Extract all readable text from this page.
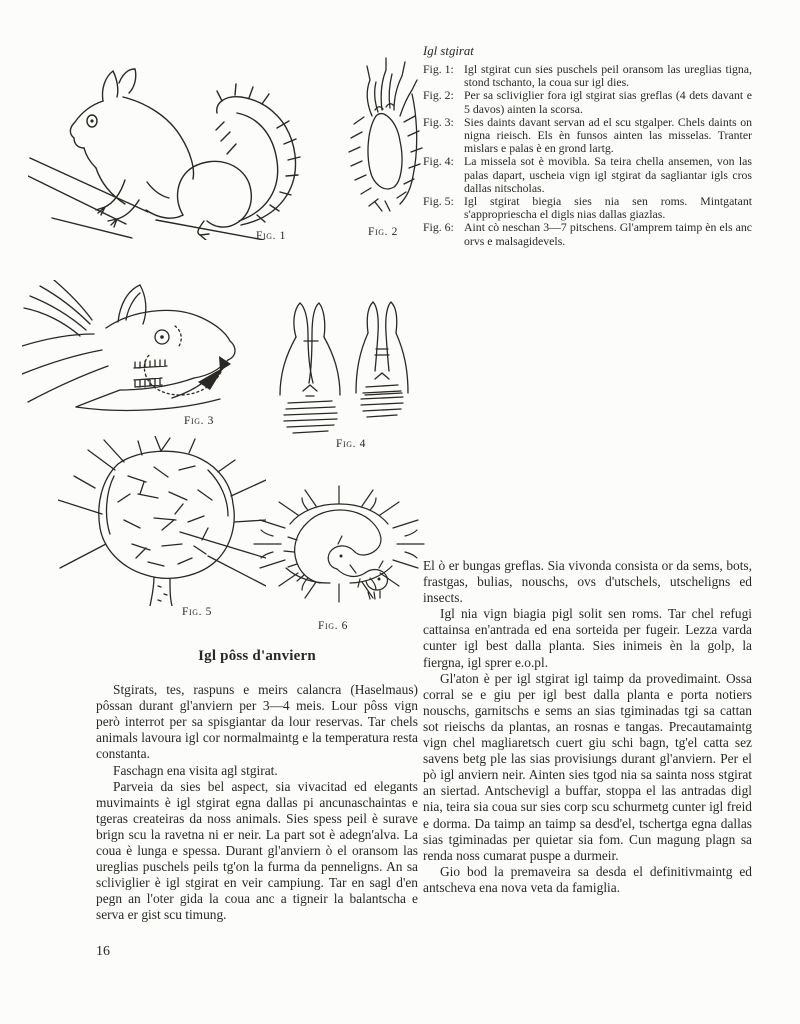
Fig. 1	Fig. 2

Igl stgirat

Fig. 1: Igl stgirat cun sies puschels peil oransom las ureglias tigna, stond tschanto, la coua sur igl dies.
Fig. 2: Per sa scliviglier fora igl stgirat sias greflas (4 dets davant e 5 davos) ainten la scorsa.
Fig. 3: Sies daints davant servan ad el scu stgalper. Chels daints on nigna rieisch. Els èn funsos ainten las misselas. Tranter mislars e palas è en grond lartg.
Fig. 4: La missela sot è movibla. Sa teira chella ansemen, von las palas dapart, uscheia vign igl stgirat da sagliantar igls cros dallas nitscholas.
Fig. 5: Igl stgirat biegia sies nia sen roms. Mintgatant s'appropriescha el digls nias dallas giazlas.
Fig. 6: Aint cò neschan 3—7 pitschens. Gl'amprem taimp èn els anc orvs e malsagidevels.
Fig. 3
Fig. 4
Fig. 5
Fig. 6
Igl pôss d'anviern

Stgirats, tes, raspuns e meirs calancra (Haselmaus) pôssan durant gl'anviern per 3—4 meis. Lour pôss vign però interrot per sa spisgiantar da lour reservas. Tar chels animals lavoura igl cor normalmaintg e la temperatura resta constanta.

Faschagn ena visita agl stgirat.

Parveia da sies bel aspect, sia vivacitad ed elegants muvimaints è igl stgirat egna dallas pi ancunaschaintas e tgeras createiras da noss animals. Sies spess peil è surave brign scu la ravetna ni er neir. La part sot è adegn'alva. La coua è lunga e spessa. Durant gl'anviern ò el oransom las ureglias puschels peils tg'on la furma da penneligns. An sa scliviglier è igl stgirat en veir campiung. Tar en sagl d'en pegn an l'oter gida la coua anc a tigneir la balantscha e serva er gist scu timung.

El ò er bungas greflas. Sia vivonda consista or da sems, bots, frastgas, bulias, nouschs, ovs d'utschels, utscheligns ed insects.

Igl nia vign biagia pigl solit sen roms. Tar chel refugi cattainsa en'antrada ed ena sorteida per fugeir. Lezza varda cunter igl best dalla planta. Sies inimeis èn la golp, la fiergna, igl sprer e.o.pl.

Gl'aton è per igl stgirat igl taimp da provedimaint. Ossa corral se e giu per igl best dalla planta e porta notiers nouschs, garnitschs e sems an sias tgiminadas tgi sa cattan sot rieischs da plantas, an rosnas e tangas. Precautamaintg vign chel magliaretsch cuert giu schi bagn, tg'el catta sez savens betg ple las sias provisiungs durant gl'anviern. Per el pò igl anviern neir. Ainten sies tgod nia sa sainta noss stgirat an siertad. Antschevigl a buffar, stoppa el las antradas digl nia, teira sia coua sur sies corp scu schurmetg cunter igl freid e dorma. Da taimp an taimp sa desd'el, tschertga egna dallas sias tgiminadas per quietar sia fom. Cun magung plagn sa renda noss cumarat puspe a durmeir.

Gio bod la premaveira sa desda el definitivmaintg ed antscheva ena nova veta da famiglia.

16
